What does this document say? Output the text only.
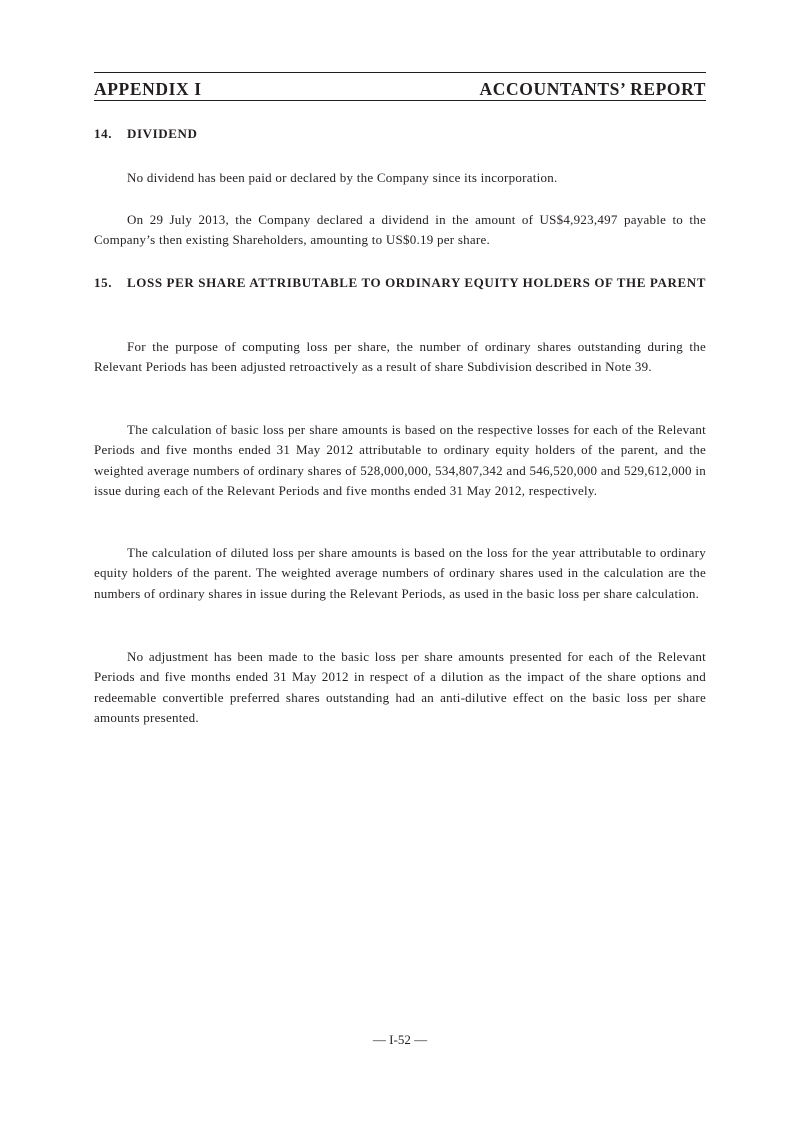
APPENDIX I	ACCOUNTANTS’ REPORT
14. DIVIDEND
No dividend has been paid or declared by the Company since its incorporation.
On 29 July 2013, the Company declared a dividend in the amount of US$4,923,497 payable to the Company’s then existing Shareholders, amounting to US$0.19 per share.
15. LOSS PER SHARE ATTRIBUTABLE TO ORDINARY EQUITY HOLDERS OF THE PARENT
For the purpose of computing loss per share, the number of ordinary shares outstanding during the Relevant Periods has been adjusted retroactively as a result of share Subdivision described in Note 39.
The calculation of basic loss per share amounts is based on the respective losses for each of the Relevant Periods and five months ended 31 May 2012 attributable to ordinary equity holders of the parent, and the weighted average numbers of ordinary shares of 528,000,000, 534,807,342 and 546,520,000 and 529,612,000 in issue during each of the Relevant Periods and five months ended 31 May 2012, respectively.
The calculation of diluted loss per share amounts is based on the loss for the year attributable to ordinary equity holders of the parent. The weighted average numbers of ordinary shares used in the calculation are the numbers of ordinary shares in issue during the Relevant Periods, as used in the basic loss per share calculation.
No adjustment has been made to the basic loss per share amounts presented for each of the Relevant Periods and five months ended 31 May 2012 in respect of a dilution as the impact of the share options and redeemable convertible preferred shares outstanding had an anti-dilutive effect on the basic loss per share amounts presented.
— I-52 —
